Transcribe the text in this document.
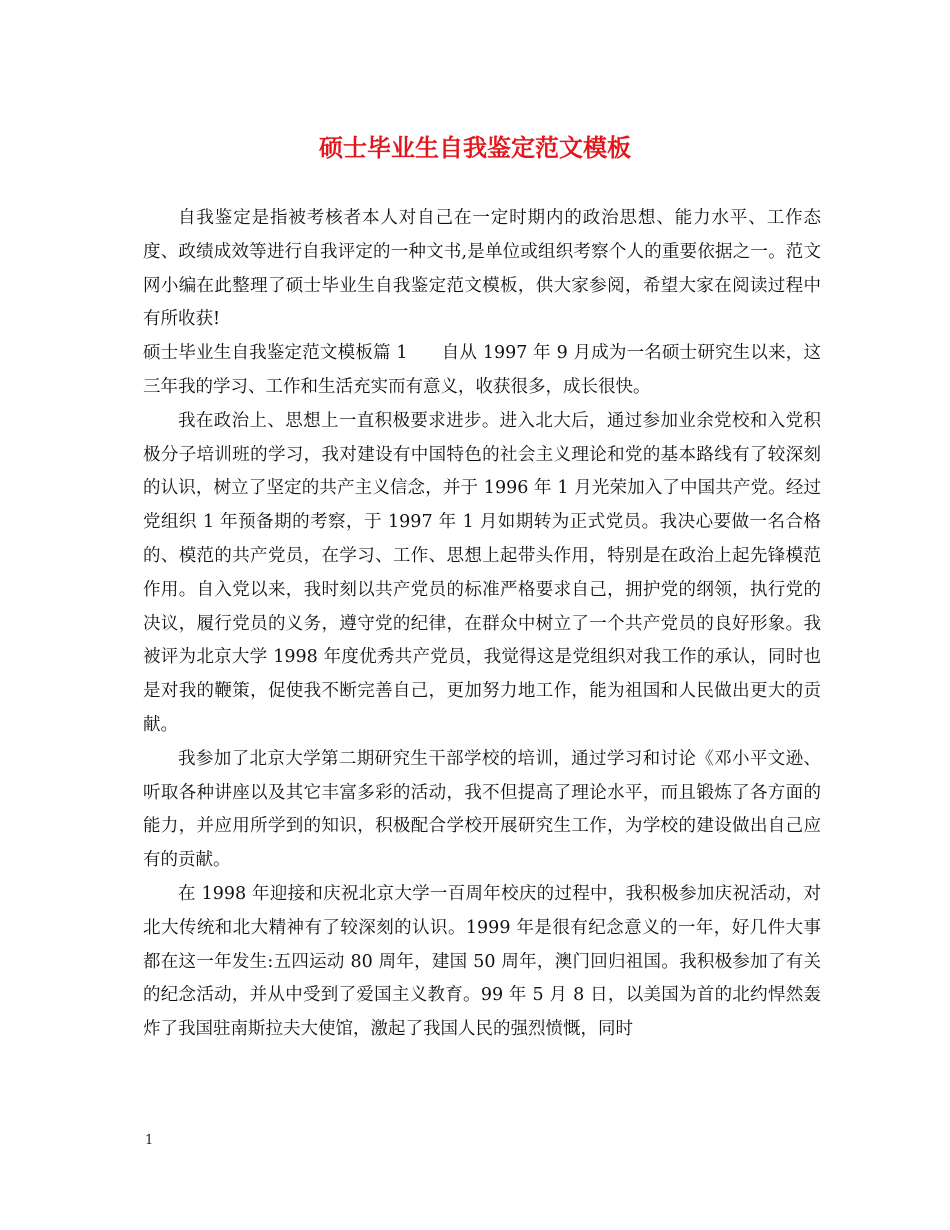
硕士毕业生自我鉴定范文模板

自我鉴定是指被考核者本人对自己在一定时期内的政治思想、能力水平、工作态度、政绩成效等进行自我评定的一种文书,是单位或组织考察个人的重要依据之一。范文网小编在此整理了硕士毕业生自我鉴定范文模板，供大家参阅，希望大家在阅读过程中有所收获!

硕士毕业生自我鉴定范文模板篇 1 自从 1997 年 9 月成为一名硕士研究生以来，这三年我的学习、工作和生活充实而有意义，收获很多，成长很快。

我在政治上、思想上一直积极要求进步。进入北大后，通过参加业余党校和入党积极分子培训班的学习，我对建设有中国特色的社会主义理论和党的基本路线有了较深刻的认识，树立了坚定的共产主义信念，并于 1996 年 1 月光荣加入了中国共产党。经过党组织 1 年预备期的考察，于 1997 年 1 月如期转为正式党员。我决心要做一名合格的、模范的共产党员，在学习、工作、思想上起带头作用，特别是在政治上起先锋模范作用。自入党以来，我时刻以共产党员的标准严格要求自己，拥护党的纲领，执行党的决议，履行党员的义务，遵守党的纪律，在群众中树立了一个共产党员的良好形象。我被评为北京大学 1998 年度优秀共产党员，我觉得这是党组织对我工作的承认，同时也是对我的鞭策，促使我不断完善自己，更加努力地工作，能为祖国和人民做出更大的贡献。

我参加了北京大学第二期研究生干部学校的培训，通过学习和讨论《邓小平文逊、听取各种讲座以及其它丰富多彩的活动，我不但提高了理论水平，而且锻炼了各方面的能力，并应用所学到的知识，积极配合学校开展研究生工作，为学校的建设做出自己应有的贡献。

在 1998 年迎接和庆祝北京大学一百周年校庆的过程中，我积极参加庆祝活动，对北大传统和北大精神有了较深刻的认识。1999 年是很有纪念意义的一年，好几件大事都在这一年发生:五四运动 80 周年，建国 50 周年，澳门回归祖国。我积极参加了有关的纪念活动，并从中受到了爱国主义教育。99 年 5 月 8 日，以美国为首的北约悍然轰炸了我国驻南斯拉夫大使馆，激起了我国人民的强烈愤慨，同时

1
